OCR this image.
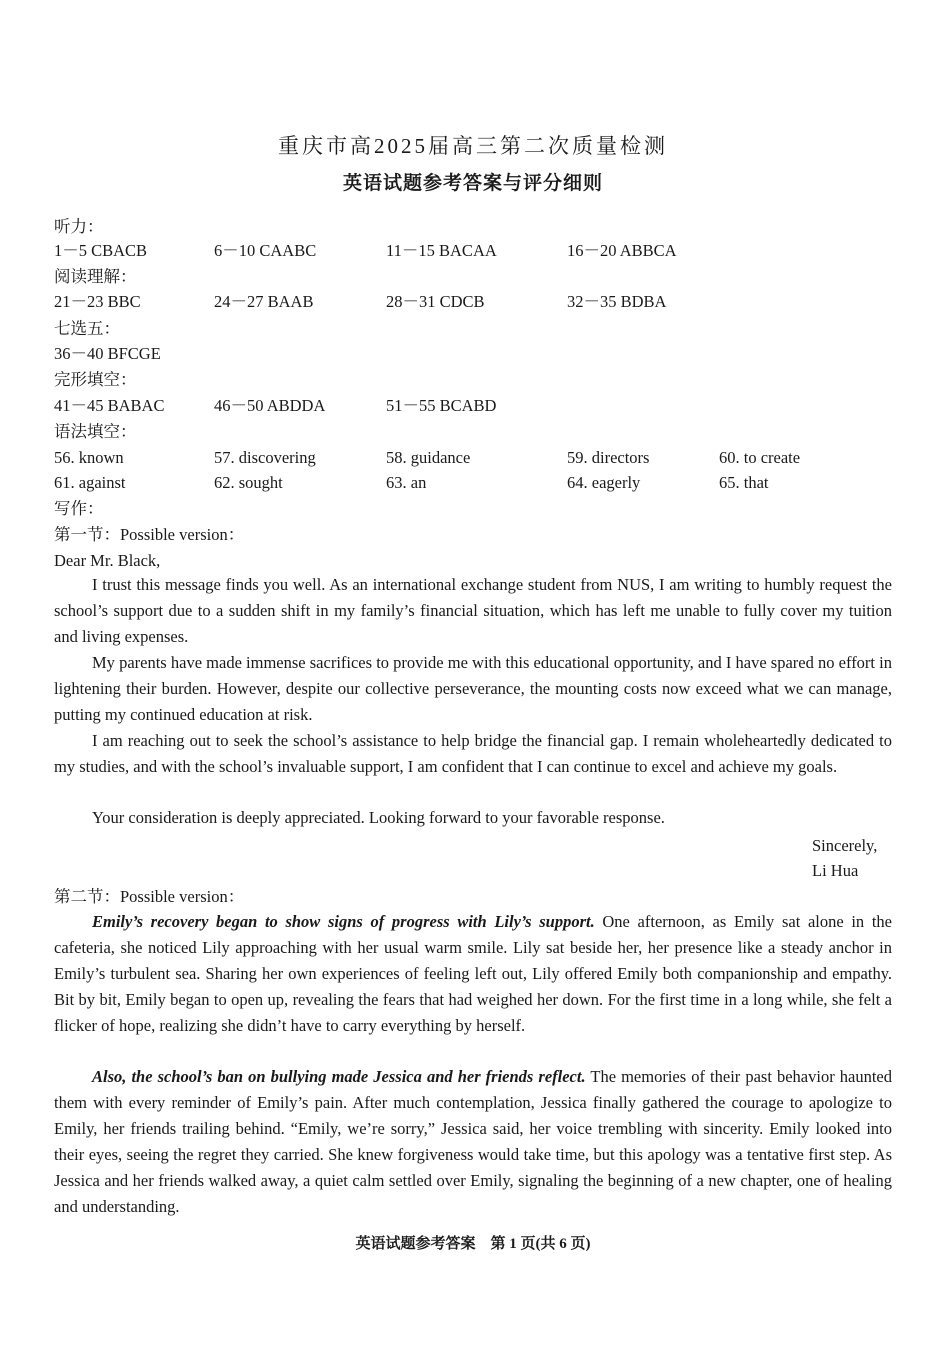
重庆市高2025届高三第二次质量检测
英语试题参考答案与评分细则
听力：
1－5 CBACB	6－10 CAABC	11－15 BACAA	16－20 ABBCA
阅读理解：
21－23 BBC	24－27 BAAB	28－31 CDCB	32－35 BDBA
七选五：
36－40 BFCGE
完形填空：
41－45 BABAC	46－50 ABDDA	51－55 BCABD
语法填空：
56. known	57. discovering	58. guidance	59. directors	60. to create
61. against	62. sought	63. an	64. eagerly	65. that
写作：
第一节：Possible version：
Dear Mr. Black,
I trust this message finds you well. As an international exchange student from NUS, I am writing to humbly request the school’s support due to a sudden shift in my family’s financial situation, which has left me unable to fully cover my tuition and living expenses.
My parents have made immense sacrifices to provide me with this educational opportunity, and I have spared no effort in lightening their burden. However, despite our collective perseverance, the mounting costs now exceed what we can manage, putting my continued education at risk.
I am reaching out to seek the school’s assistance to help bridge the financial gap. I remain wholeheartedly dedicated to my studies, and with the school’s invaluable support, I am confident that I can continue to excel and achieve my goals.
Your consideration is deeply appreciated. Looking forward to your favorable response.
Sincerely,
Li Hua
第二节：Possible version：
Emily’s recovery began to show signs of progress with Lily’s support. One afternoon, as Emily sat alone in the cafeteria, she noticed Lily approaching with her usual warm smile. Lily sat beside her, her presence like a steady anchor in Emily’s turbulent sea. Sharing her own experiences of feeling left out, Lily offered Emily both companionship and empathy. Bit by bit, Emily began to open up, revealing the fears that had weighed her down. For the first time in a long while, she felt a flicker of hope, realizing she didn’t have to carry everything by herself.
Also, the school’s ban on bullying made Jessica and her friends reflect. The memories of their past behavior haunted them with every reminder of Emily’s pain. After much contemplation, Jessica finally gathered the courage to apologize to Emily, her friends trailing behind. “Emily, we’re sorry,” Jessica said, her voice trembling with sincerity. Emily looked into their eyes, seeing the regret they carried. She knew forgiveness would take time, but this apology was a tentative first step. As Jessica and her friends walked away, a quiet calm settled over Emily, signaling the beginning of a new chapter, one of healing and understanding.
英语试题参考答案　第 1 页(共 6 页)
